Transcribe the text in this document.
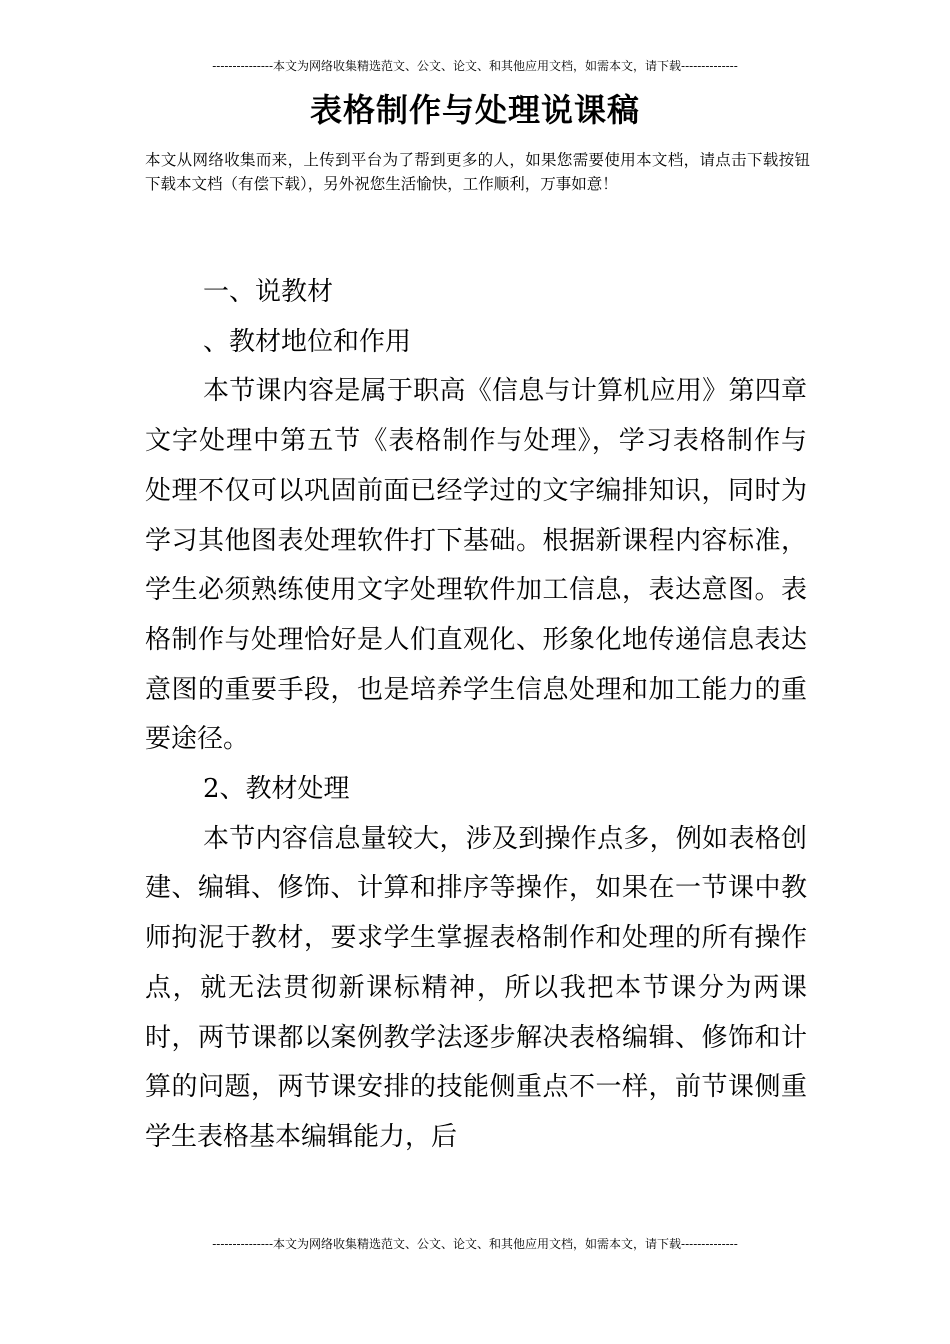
---------------本文为网络收集精选范文、公文、论文、和其他应用文档，如需本文，请下载--------------
表格制作与处理说课稿
本文从网络收集而来，上传到平台为了帮到更多的人，如果您需要使用本文档，请点击下载按钮下载本文档（有偿下载），另外祝您生活愉快，工作顺利，万事如意！

一、说教材

、教材地位和作用

本节课内容是属于职高《信息与计算机应用》第四章文字处理中第五节《表格制作与处理》，学习表格制作与处理不仅可以巩固前面已经学过的文字编排知识，同时为学习其他图表处理软件打下基础。根据新课程内容标准，学生必须熟练使用文字处理软件加工信息，表达意图。表格制作与处理恰好是人们直观化、形象化地传递信息表达意图的重要手段，也是培养学生信息处理和加工能力的重要途径。

2、教材处理

本节内容信息量较大，涉及到操作点多，例如表格创建、编辑、修饰、计算和排序等操作，如果在一节课中教师拘泥于教材，要求学生掌握表格制作和处理的所有操作点，就无法贯彻新课标精神，所以我把本节课分为两课时，两节课都以案例教学法逐步解决表格编辑、修饰和计算的问题，两节课安排的技能侧重点不一样，前节课侧重学生表格基本编辑能力，后

---------------本文为网络收集精选范文、公文、论文、和其他应用文档，如需本文，请下载--------------
